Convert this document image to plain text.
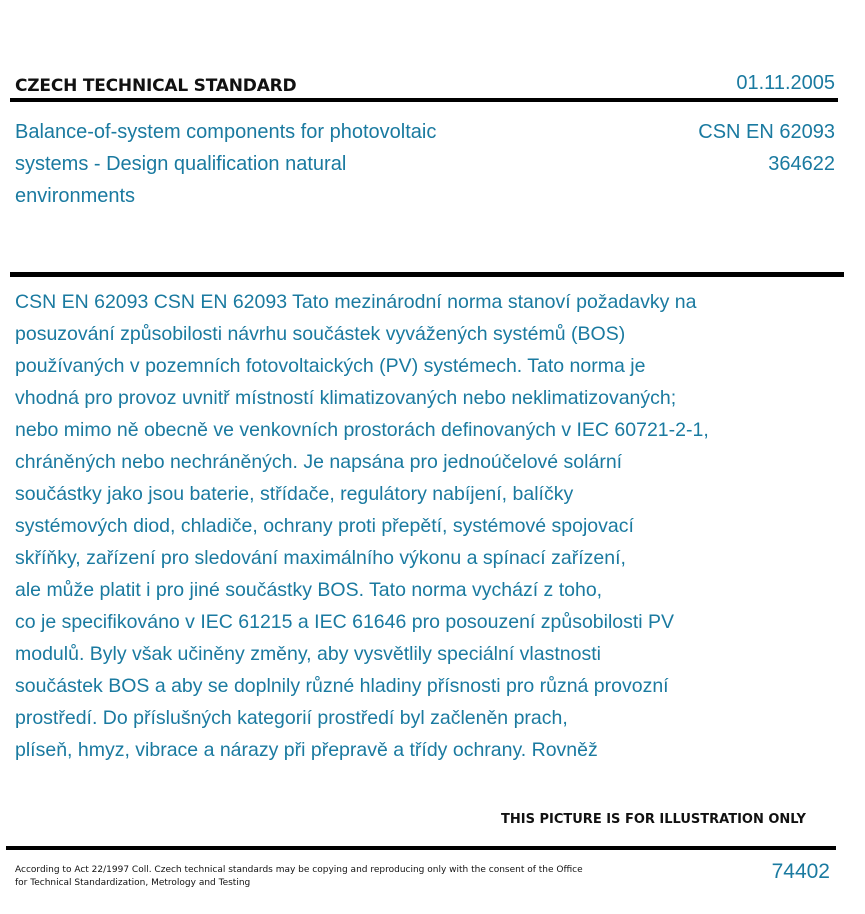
CZECH TECHNICAL STANDARD	01.11.2005
Balance-of-system components for photovoltaic
systems - Design qualification natural
environments
CSN EN 62093
364622
CSN EN 62093 CSN EN 62093 Tato mezinárodní norma stanoví požadavky na
posuzování způsobilosti návrhu součástek vyvážených systémů (BOS)
používaných v pozemních fotovoltaických (PV) systémech. Tato norma je
vhodná pro provoz uvnitř místností klimatizovaných nebo neklimatizovaných;
nebo mimo ně obecně ve venkovních prostorách definovaných v IEC 60721-2-1,
chráněných nebo nechráněných. Je napsána pro jednoúčelové solární
součástky jako jsou baterie, střídače, regulátory nabíjení, balíčky
systémových diod, chladiče, ochrany proti přepětí, systémové spojovací
skříňky, zařízení pro sledování maximálního výkonu a spínací zařízení,
ale může platit i pro jiné součástky BOS. Tato norma vychází z toho,
co je specifikováno v IEC 61215 a IEC 61646 pro posouzení způsobilosti PV
modulů. Byly však učiněny změny, aby vysvětlily speciální vlastnosti
součástek BOS a aby se doplnily různé hladiny přísnosti pro různá provozní
prostředí. Do příslušných kategorií prostředí byl začleněn prach,
plíseň, hmyz, vibrace a nárazy při přepravě a třídy ochrany. Rovněž
THIS PICTURE IS FOR ILLUSTRATION ONLY
According to Act 22/1997 Coll. Czech technical standards may be copying and reproducing only with the consent of the Office
for Technical Standardization, Metrology and Testing	74402
